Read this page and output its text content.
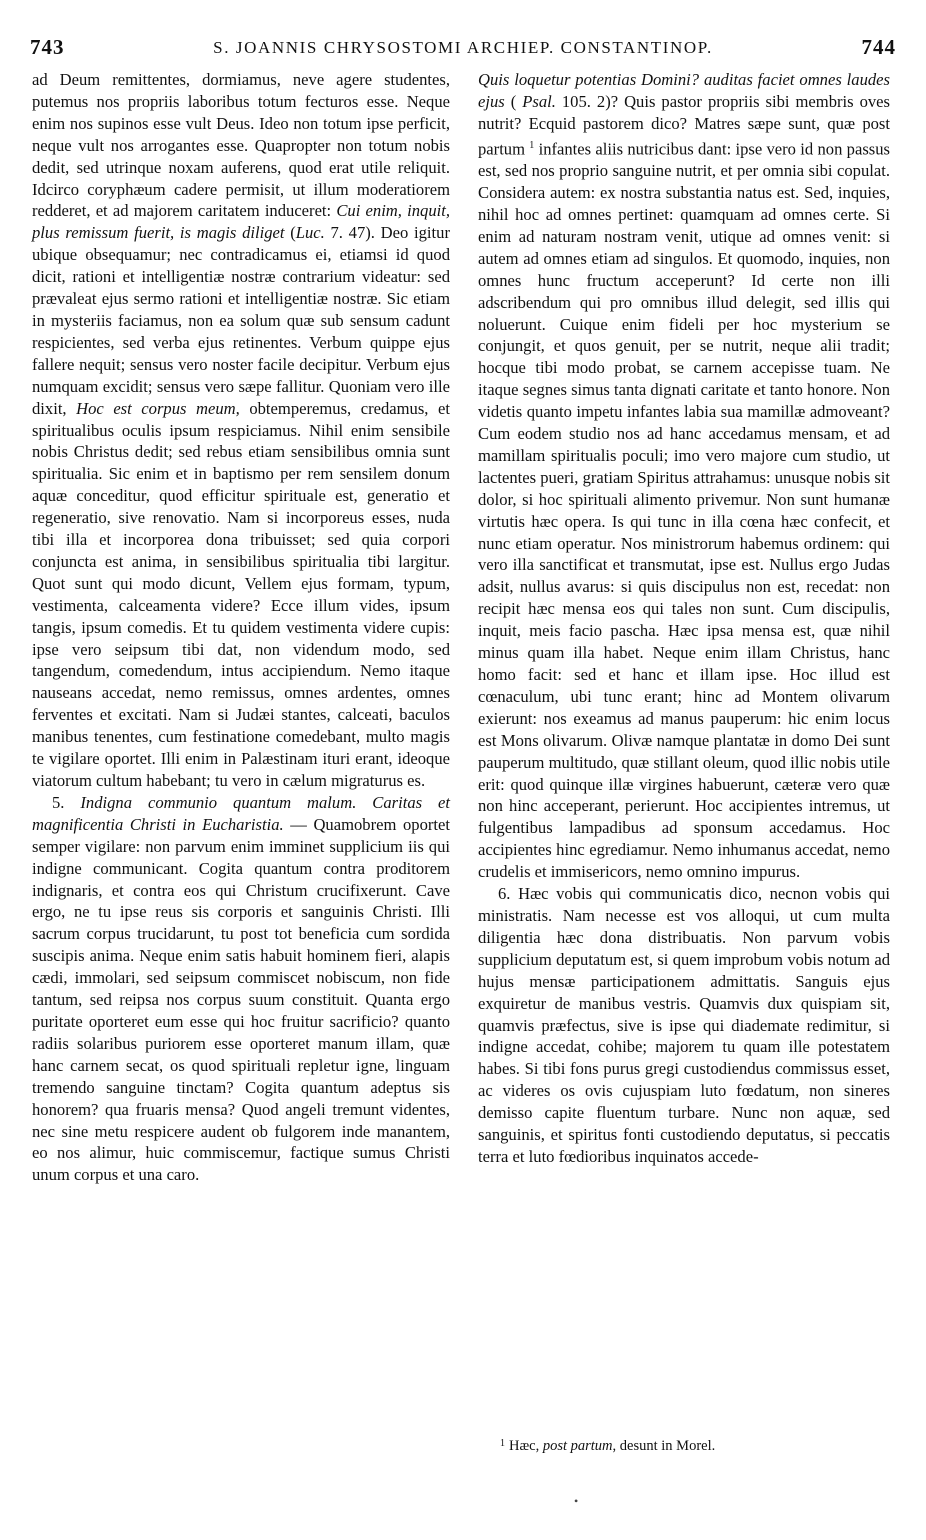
743	S. JOANNIS CHRYSOSTOMI ARCHIEP. CONSTANTINOP.	744

ad Deum remittentes, dormiamus, neve agere studentes, putemus nos propriis laboribus totum fecturos esse. Neque enim nos supinos esse vult Deus. Ideo non totum ipse perficit, neque vult nos arrogantes esse. Quapropter non totum nobis dedit, sed utrinque noxam auferens, quod erat utile reliquit. Idcirco coryphæum cadere permisit, ut illum moderatiorem redderet, et ad majorem caritatem induceret: Cui enim, inquit, plus remissum fuerit, is magis diliget (Luc. 7. 47). Deo igitur ubique obsequamur; nec contradicamus ei, etiamsi id quod dicit, rationi et intelligentiæ nostræ contrarium videatur: sed prævaleat ejus sermo rationi et intelligentiæ nostræ. Sic etiam in mysteriis faciamus, non ea solum quæ sub sensum cadunt respicientes, sed verba ejus retinentes. Verbum quippe ejus fallere nequit; sensus vero noster facile decipitur. Verbum ejus numquam excidit; sensus vero sæpe fallitur. Quoniam vero ille dixit, Hoc est corpus meum, obtemperemus, credamus, et spiritualibus oculis ipsum respiciamus. Nihil enim sensibile nobis Christus dedit; sed rebus etiam sensibilibus omnia sunt spiritualia. Sic enim et in baptismo per rem sensilem donum aquæ conceditur, quod efficitur spirituale est, generatio et regeneratio, sive renovatio. Nam si incorporeus esses, nuda tibi illa et incorporea dona tribuisset; sed quia corpori conjuncta est anima, in sensibilibus spiritualia tibi largitur. Quot sunt qui modo dicunt, Vellem ejus formam, typum, vestimenta, calceamenta videre? Ecce illum vides, ipsum tangis, ipsum comedis. Et tu quidem vestimenta videre cupis: ipse vero seipsum tibi dat, non videndum modo, sed tangendum, comedendum, intus accipiendum. Nemo itaque nauseans accedat, nemo remissus, omnes ardentes, omnes ferventes et excitati. Nam si Judæi stantes, calceati, baculos manibus tenentes, cum festinatione comedebant, multo magis te vigilare oportet. Illi enim in Palæstinam ituri erant, ideoque viatorum cultum habebant; tu vero in cælum migraturus es.

5. Indigna communio quantum malum. Caritas et magnificentia Christi in Eucharistia. — Quamobrem oportet semper vigilare: non parvum enim imminet supplicium iis qui indigne communicant. Cogita quantum contra proditorem indignaris, et contra eos qui Christum crucifixerunt. Cave ergo, ne tu ipse reus sis corporis et sanguinis Christi. Illi sacrum corpus trucidarunt, tu post tot beneficia cum sordida suscipis anima. Neque enim satis habuit hominem fieri, alapis cædi, immolari, sed seipsum commiscet nobiscum, non fide tantum, sed reipsa nos corpus suum constituit. Quanta ergo puritate oporteret eum esse qui hoc fruitur sacrificio? quanto radiis solaribus puriorem esse oporteret manum illam, quæ hanc carnem secat, os quod spirituali repletur igne, linguam tremendo sanguine tinctam? Cogita quantum adeptus sis honorem? qua fruaris mensa? Quod angeli tremunt videntes, nec sine metu respicere audent ob fulgorem inde manantem, eo nos alimur, huic commiscemur, factique sumus Christi unum corpus et una caro.

Quis loquetur potentias Domini? auditas faciet omnes laudes ejus ( Psal. 105. 2)? Quis pastor propriis sibi membris oves nutrit? Ecquid pastorem dico? Matres sæpe sunt, quæ post partum $^1$ infantes aliis nutricibus dant: ipse vero id non passus est, sed nos proprio sanguine nutrit, et per omnia sibi copulat. Considera autem: ex nostra substantia natus est. Sed, inquies, nihil hoc ad omnes pertinet: quamquam ad omnes certe. Si enim ad naturam nostram venit, utique ad omnes venit: si autem ad omnes etiam ad singulos. Et quomodo, inquies, non omnes hunc fructum acceperunt? Id certe non illi adscribendum qui pro omnibus illud delegit, sed illis qui noluerunt. Cuique enim fideli per hoc mysterium se conjungit, et quos genuit, per se nutrit, neque alii tradit; hocque tibi modo probat, se carnem accepisse tuam. Ne itaque segnes simus tanta dignati caritate et tanto honore. Non videtis quanto impetu infantes labia sua mamillæ admoveant? Cum eodem studio nos ad hanc accedamus mensam, et ad mamillam spiritualis poculi; imo vero majore cum studio, ut lactentes pueri, gratiam Spiritus attrahamus: unusque nobis sit dolor, si hoc spirituali alimento privemur. Non sunt humanæ virtutis hæc opera. Is qui tunc in illa cœna hæc confecit, et nunc etiam operatur. Nos ministrorum habemus ordinem: qui vero illa sanctificat et transmutat, ipse est. Nullus ergo Judas adsit, nullus avarus: si quis discipulus non est, recedat: non recipit hæc mensa eos qui tales non sunt. Cum discipulis, inquit, meis facio pascha. Hæc ipsa mensa est, quæ nihil minus quam illa habet. Neque enim illam Christus, hanc homo facit: sed et hanc et illam ipse. Hoc illud est cœnaculum, ubi tunc erant; hinc ad Montem olivarum exierunt: nos exeamus ad manus pauperum: hic enim locus est Mons olivarum. Olivæ namque plantatæ in domo Dei sunt pauperum multitudo, quæ stillant oleum, quod illic nobis utile erit: quod quinque illæ virgines habuerunt, cæteræ vero quæ non hinc acceperant, perierunt. Hoc accipientes intremus, ut fulgentibus lampadibus ad sponsum accedamus. Hoc accipientes hinc egrediamur. Nemo inhumanus accedat, nemo crudelis et immisericors, nemo omnino impurus.

6. Hæc vobis qui communicatis dico, necnon vobis qui ministratis. Nam necesse est vos alloqui, ut cum multa diligentia hæc dona distribuatis. Non parvum vobis supplicium deputatum est, si quem improbum vobis notum ad hujus mensæ participationem admittatis. Sanguis ejus exquiretur de manibus vestris. Quamvis dux quispiam sit, quamvis præfectus, sive is ipse qui diademate redimitur, si indigne accedat, cohibe; majorem tu quam ille potestatem habes. Si tibi fons purus gregi custodiendus commissus esset, ac videres os ovis cujuspiam luto fœdatum, non sineres demisso capite fluentum turbare. Nunc non aquæ, sed sanguinis, et spiritus fonti custodiendo deputatus, si peccatis terra et luto fœdioribus inquinatos accede-

$^1$ Hæc, post partum, desunt in Morel.
•
